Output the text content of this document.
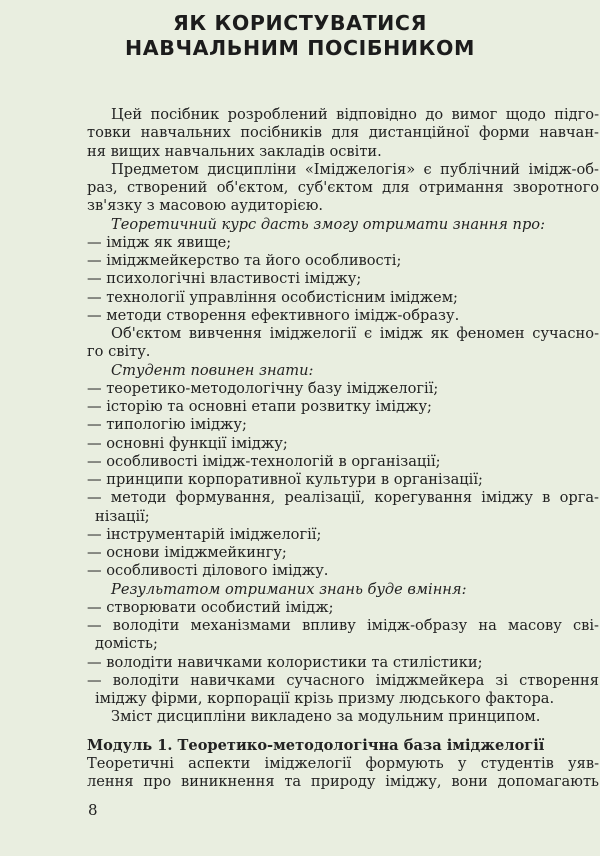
ЯК КОРИСТУВАТИСЯ
НАВЧАЛЬНИМ ПОСІБНИКОМ
Цей посібник розроблений відповідно до вимог щодо підго-
товки навчальних посібників для дистанційної форми навчан-
ня вищих навчальних закладів освіти.
Предметом дисципліни «Іміджелогія» є публічний імідж-об-
раз, створений об'єктом, суб'єктом для отримання зворотного
зв'язку з масовою аудиторією.
Теоретичний курс дасть змогу отримати знання про:
— імідж як явище;
— іміджмейкерство та його особливості;
— психологічні властивості іміджу;
— технології управління особистісним іміджем;
— методи створення ефективного імідж-образу.
Об'єктом вивчення іміджелогії є імідж як феномен сучасно-
го світу.
Студент повинен знати:
— теоретико-методологічну базу іміджелогії;
— історію та основні етапи розвитку іміджу;
— типологію іміджу;
— основні функції іміджу;
— особливості імідж-технологій в організації;
— принципи корпоративної культури в організації;
— методи формування, реалізації, корегування іміджу в орга-
нізації;
— інструментарій іміджелогії;
— основи іміджмейкингу;
— особливості ділового іміджу.
Результатом отриманих знань буде вміння:
— створювати особистий імідж;
— володіти механізмами впливу імідж-образу на масову сві-
домість;
— володіти навичками колористики та стилістики;
— володіти навичками сучасного іміджмейкера зі створення
іміджу фірми, корпорації крізь призму людського фактора.
Зміст дисципліни викладено за модульним принципом.
Модуль 1. Теоретико-методологічна база іміджелогії
Теоретичні аспекти іміджелогії формують у студентів уяв-
лення про виникнення та природу іміджу, вони допомагають
8
